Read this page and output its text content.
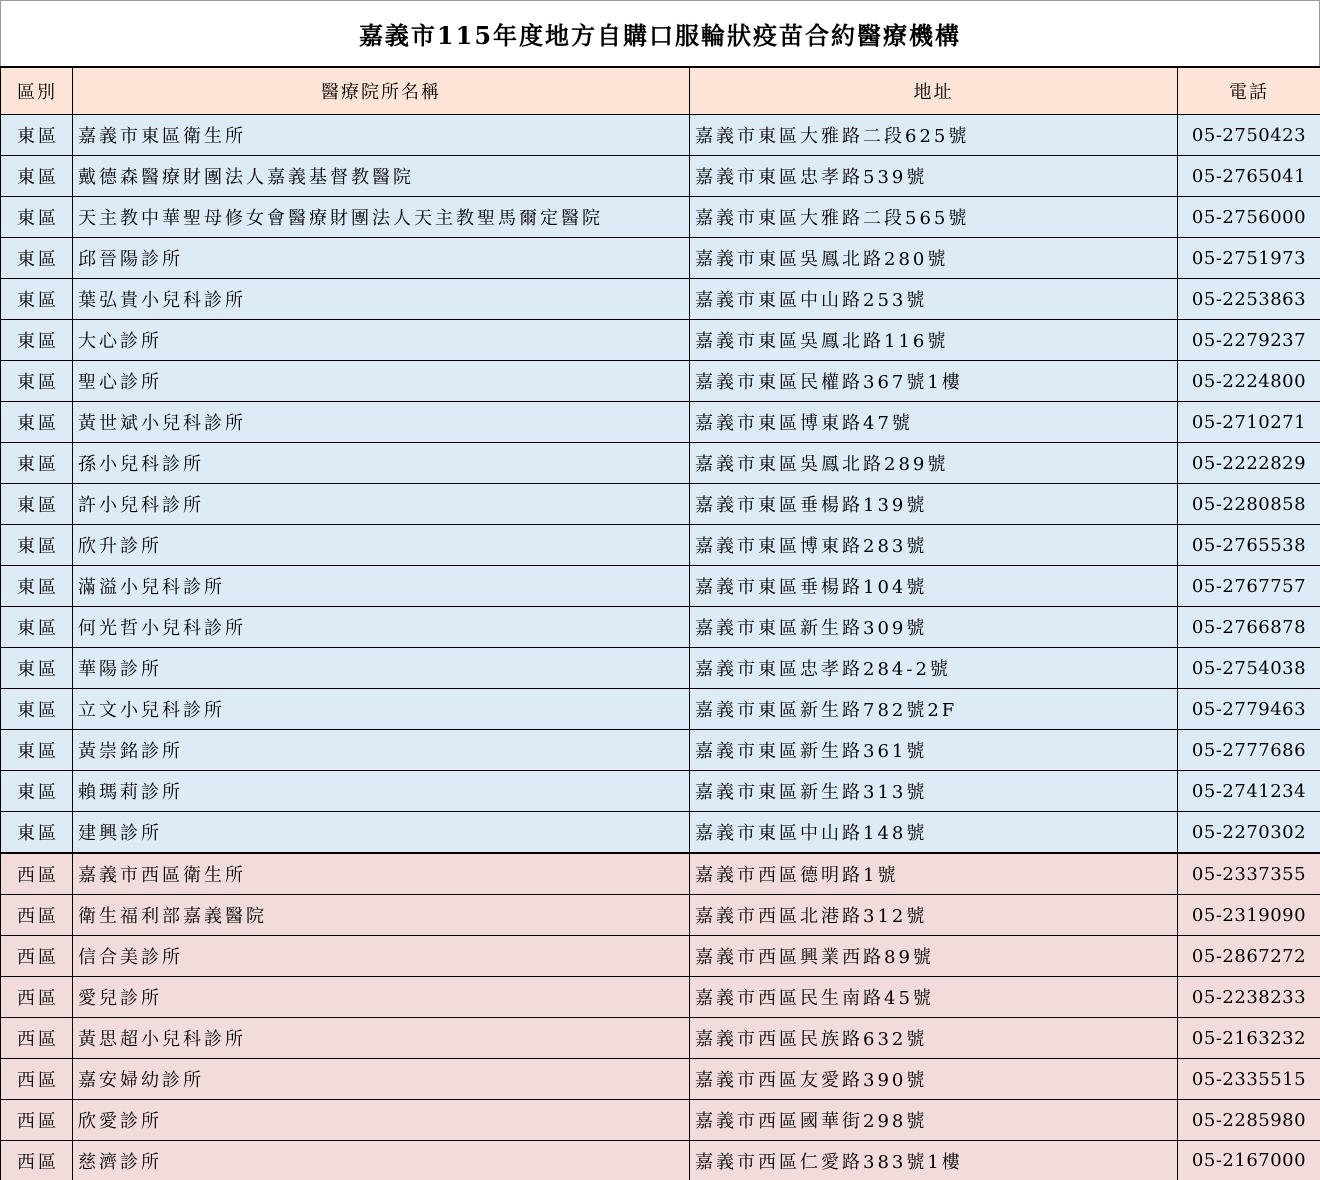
嘉義市115年度地方自購口服輪狀疫苗合約醫療機構
區別	醫療院所名稱	地址	電話
東區	嘉義市東區衛生所	嘉義市東區大雅路二段625號	05-2750423
東區	戴德森醫療財團法人嘉義基督教醫院	嘉義市東區忠孝路539號	05-2765041
東區	天主教中華聖母修女會醫療財團法人天主教聖馬爾定醫院	嘉義市東區大雅路二段565號	05-2756000
東區	邱晉陽診所	嘉義市東區吳鳳北路280號	05-2751973
東區	葉弘貴小兒科診所	嘉義市東區中山路253號	05-2253863
東區	大心診所	嘉義市東區吳鳳北路116號	05-2279237
東區	聖心診所	嘉義市東區民權路367號1樓	05-2224800
東區	黃世斌小兒科診所	嘉義市東區博東路47號	05-2710271
東區	孫小兒科診所	嘉義市東區吳鳳北路289號	05-2222829
東區	許小兒科診所	嘉義市東區垂楊路139號	05-2280858
東區	欣升診所	嘉義市東區博東路283號	05-2765538
東區	滿溢小兒科診所	嘉義市東區垂楊路104號	05-2767757
東區	何光哲小兒科診所	嘉義市東區新生路309號	05-2766878
東區	華陽診所	嘉義市東區忠孝路284-2號	05-2754038
東區	立文小兒科診所	嘉義市東區新生路782號2F	05-2779463
東區	黃崇銘診所	嘉義市東區新生路361號	05-2777686
東區	賴瑪莉診所	嘉義市東區新生路313號	05-2741234
東區	建興診所	嘉義市東區中山路148號	05-2270302
西區	嘉義市西區衛生所	嘉義市西區德明路1號	05-2337355
西區	衛生福利部嘉義醫院	嘉義市西區北港路312號	05-2319090
西區	信合美診所	嘉義市西區興業西路89號	05-2867272
西區	愛兒診所	嘉義市西區民生南路45號	05-2238233
西區	黃思超小兒科診所	嘉義市西區民族路632號	05-2163232
西區	嘉安婦幼診所	嘉義市西區友愛路390號	05-2335515
西區	欣愛診所	嘉義市西區國華街298號	05-2285980
西區	慈濟診所	嘉義市西區仁愛路383號1樓	05-2167000
